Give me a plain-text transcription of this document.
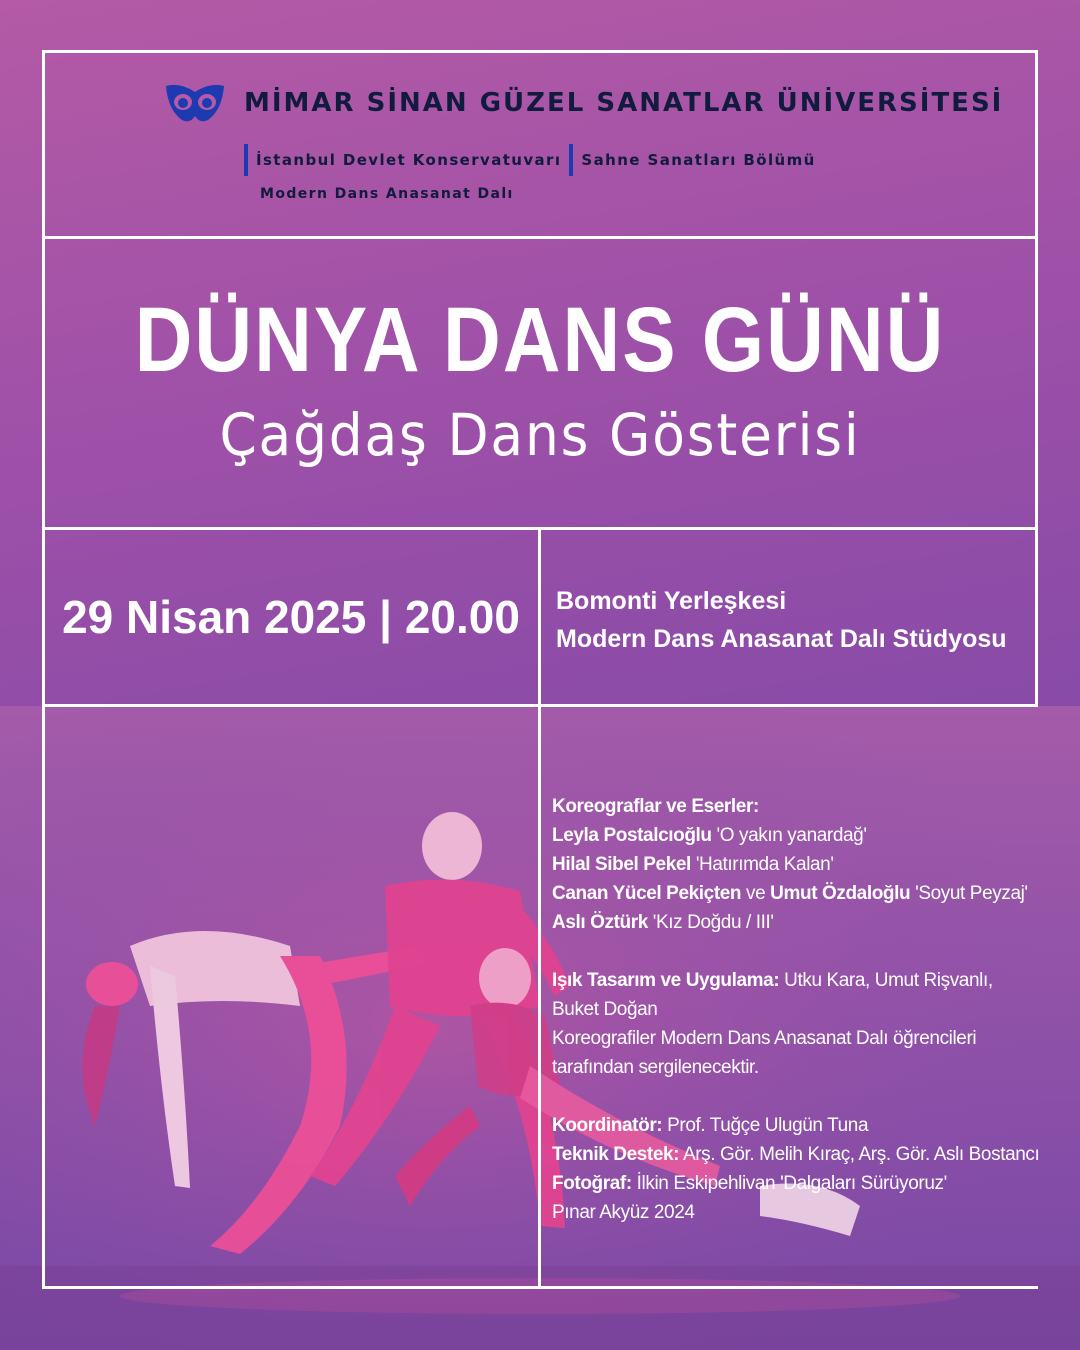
MİMAR SİNAN GÜZEL SANATLAR ÜNİVERSİTESİ
İstanbul Devlet Konservatuvarı Sahne Sanatları Bölümü
Modern Dans Anasanat Dalı
DÜNYA DANS GÜNÜ
Çağdaş Dans Gösterisi
29 Nisan 2025 | 20.00	Bomonti Yerleşkesi
Modern Dans Anasanat Dalı Stüdyosu
Koreograflar ve Eserler:
Leyla Postalcıoğlu 'O yakın yanardağ'
Hilal Sibel Pekel 'Hatırımda Kalan'
Canan Yücel Pekiçten ve Umut Özdaloğlu 'Soyut Peyzaj'
Aslı Öztürk 'Kız Doğdu / III'
Işık Tasarım ve Uygulama: Utku Kara, Umut Rişvanlı,
Buket Doğan
Koreografiler Modern Dans Anasanat Dalı öğrencileri
tarafından sergilenecektir.
Koordinatör: Prof. Tuğçe Ulugün Tuna
Teknik Destek: Arş. Gör. Melih Kıraç, Arş. Gör. Aslı Bostancı
Fotoğraf: İlkin Eskipehlivan 'Dalgaları Sürüyoruz'
Pınar Akyüz 2024
